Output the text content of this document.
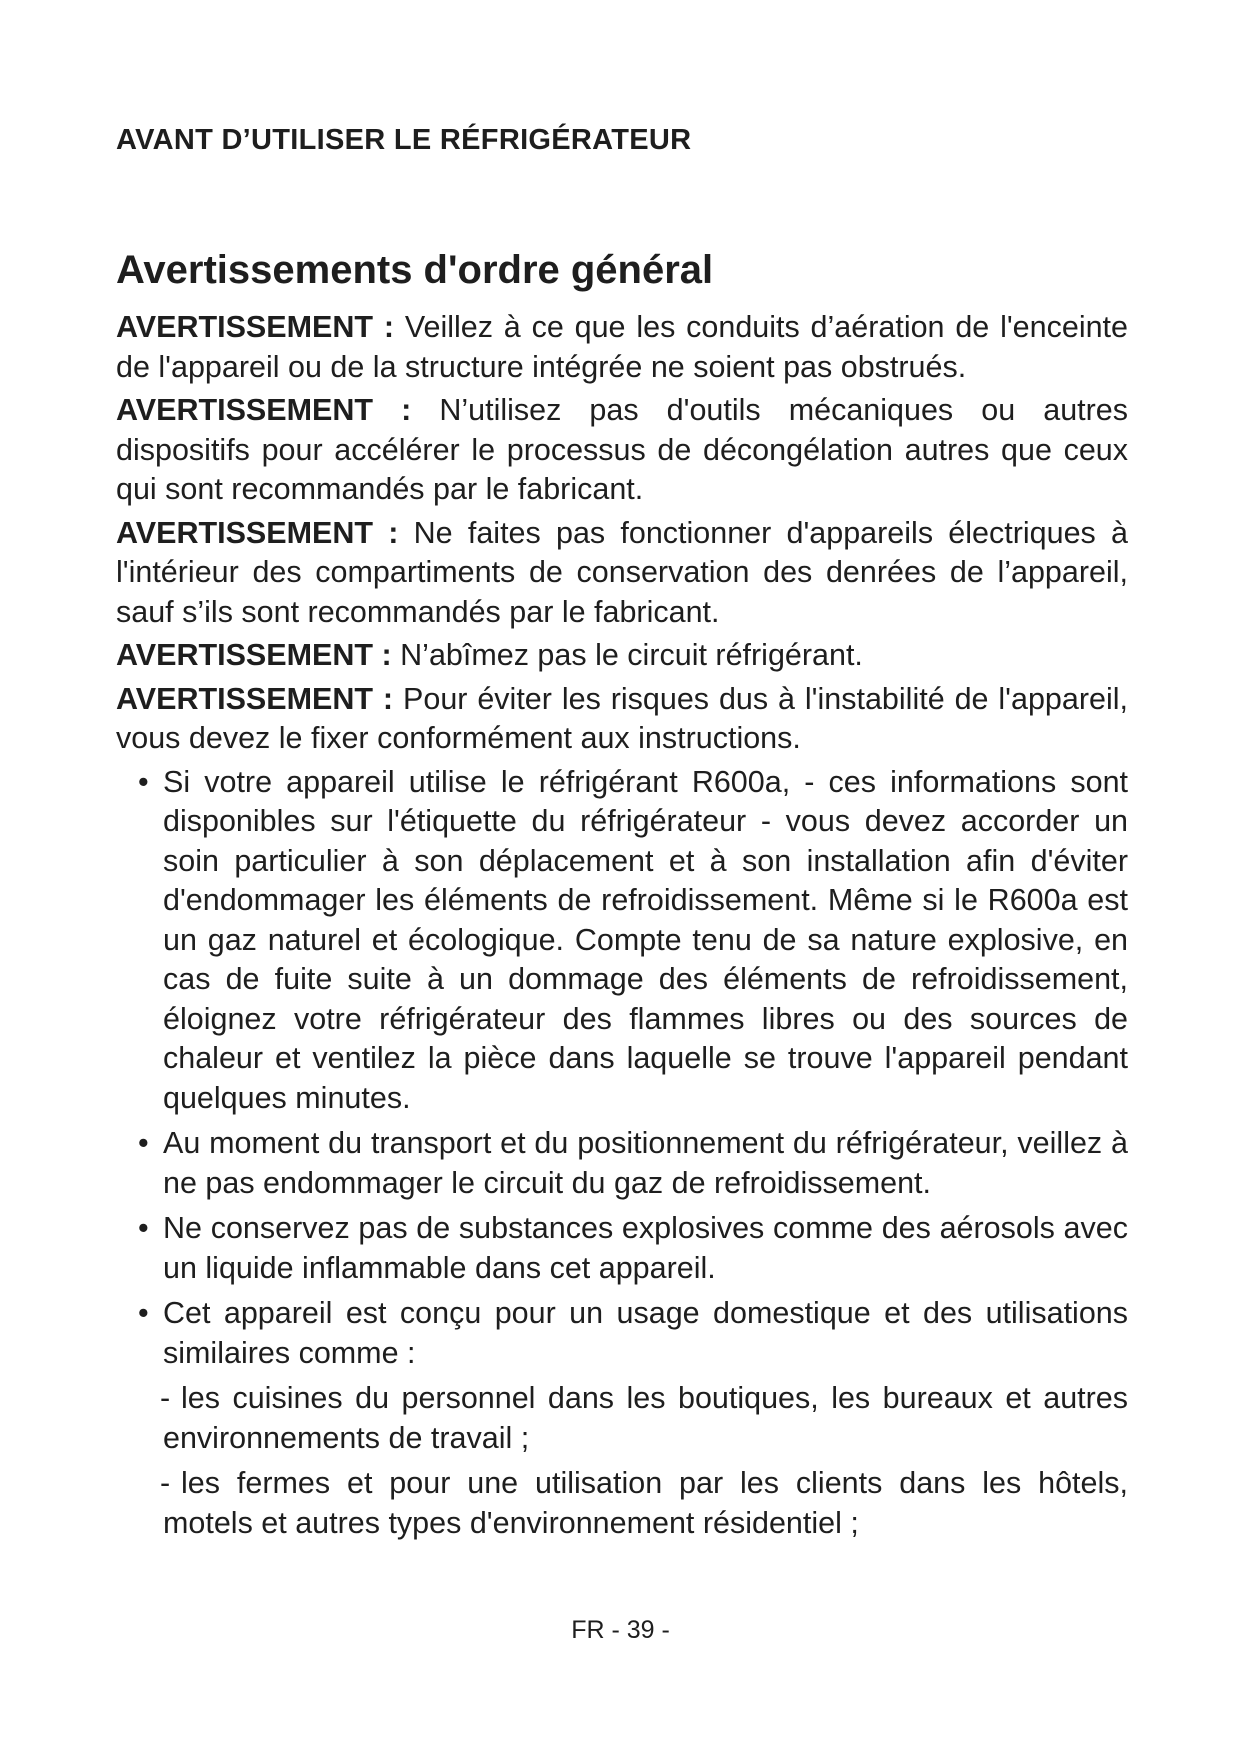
AVANT D’UTILISER LE RÉFRIGÉRATEUR
Avertissements d'ordre général

AVERTISSEMENT : Veillez à ce que les conduits d’aération de l'enceinte de l'appareil ou de la structure intégrée ne soient pas obstrués.

AVERTISSEMENT : N’utilisez pas d'outils mécaniques ou autres dispositifs pour accélérer le processus de décongélation autres que ceux qui sont recommandés par le fabricant.

AVERTISSEMENT : Ne faites pas fonctionner d'appareils électriques à l'intérieur des compartiments de conservation des denrées de l’appareil, sauf s’ils sont recommandés par le fabricant.

AVERTISSEMENT : N’abîmez pas le circuit réfrigérant.

AVERTISSEMENT : Pour éviter les risques dus à l'instabilité de l'appareil, vous devez le fixer conformément aux instructions.

• Si votre appareil utilise le réfrigérant R600a, - ces informations sont disponibles sur l'étiquette du réfrigérateur - vous devez accorder un soin particulier à son déplacement et à son installation afin d'éviter d'endommager les éléments de refroidissement. Même si le R600a est un gaz naturel et écologique. Compte tenu de sa nature explosive, en cas de fuite suite à un dommage des éléments de refroidissement, éloignez votre réfrigérateur des flammes libres ou des sources de chaleur et ventilez la pièce dans laquelle se trouve l'appareil pendant quelques minutes.
• Au moment du transport et du positionnement du réfrigérateur, veillez à ne pas endommager le circuit du gaz de refroidissement.
• Ne conservez pas de substances explosives comme des aérosols avec un liquide inflammable dans cet appareil.
• Cet appareil est conçu pour un usage domestique et des utilisations similaires comme :
- les cuisines du personnel dans les boutiques, les bureaux et autres environnements de travail ;
- les fermes et pour une utilisation par les clients dans les hôtels, motels et autres types d'environnement résidentiel ;
FR - 39 -
